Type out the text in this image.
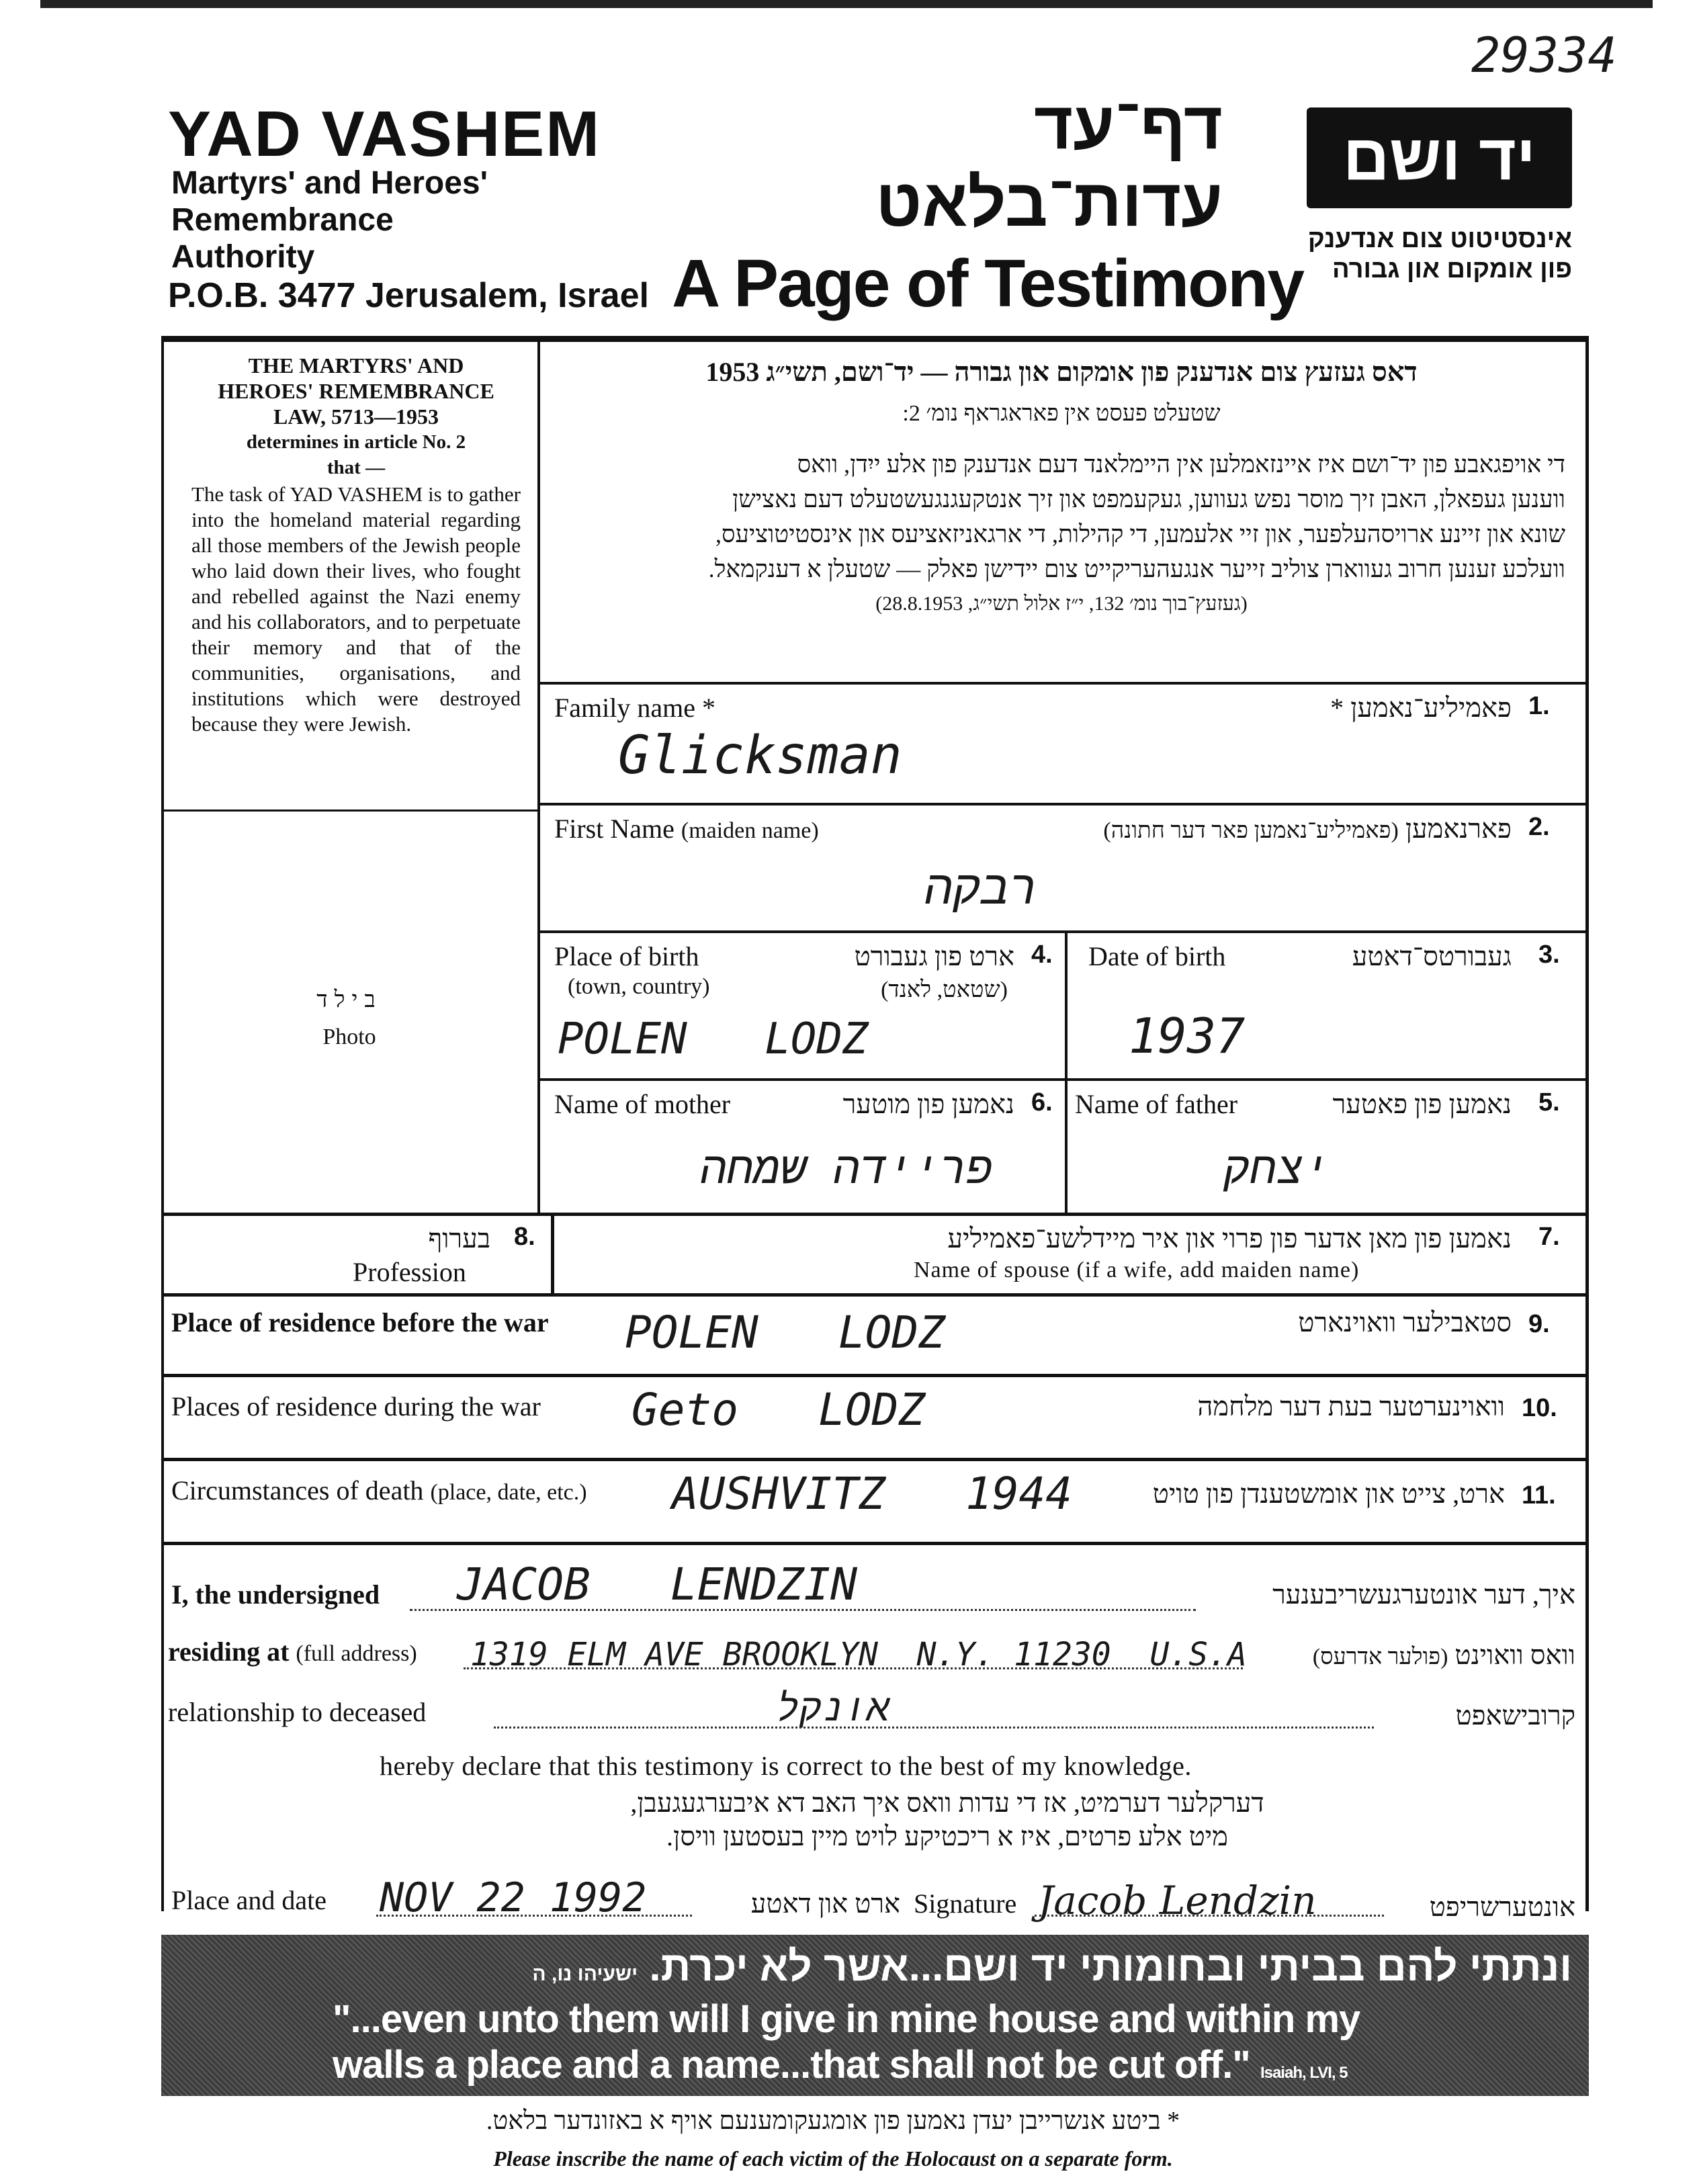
29334
YAD VASHEM
Martyrs' and Heroes'
Remembrance
Authority
P.O.B. 3477 Jerusalem, Israel
דף־עד
עדות־בלאט
A Page of Testimony
יד ושם
אינסטיטוט צום אנדענק
פון אומקום און גבורה
THE MARTYRS' AND
HEROES' REMEMBRANCE
LAW, 5713—1953
determines in article No. 2
that —
The task of YAD VASHEM is to gather into the homeland material regarding all those members of the Jewish people who laid down their lives, who fought and rebelled against the Nazi enemy and his collaborators, and to perpetuate their memory and that of the communities, organisations, and institutions which were destroyed because they were Jewish.
בילד
Photo
דאס געזעץ צום אנדענק פון אומקום און גבורה — יד־ושם, תשי״ג 1953
שטעלט פעסט אין פאראגראף נומ׳ 2:
די אויפגאבע פון יד־ושם איז איינזאמלען אין היימלאנד דעם אנדענק פון אלע ייִדן, וואס
ווענען געפאלן, האבן זיך מוסר נפש געווען, געקעמפט און זיך אנטקעגנגעשטעלט דעם נאצישן
שונא און זיינע ארויסהעלפער, און זיי אלעמען, די קהילות, די ארגאניזאציעס און אינסטיטוציעס,
וועלכע זענען חרוב געווארן צוליב זייער אנגעהעריקייט צום יידישן פאלק — שטעלן א דענקמאל.
(געזעץ־בוך נומ׳ 132, י״ז אלול תשי״ג, 28.8.1953)
Family name *	פאמיליע־נאמען * 1.
Glicksman
First Name (maiden name)	פארנאמען (פאמיליע־נאמען פאר דער חתונה)	2.
רבקה
Place of birth
(town, country)
ארט פון געבורט
(שטאט, לאנד)
4.
POLEN   LODZ
Date of birth	געבורטס־דאטע 3.
1937
Name of mother	נאמען פון מוטער 6.
פריידה שמחה
Name of father	נאמען פון פאטער 5.
יצחק
בערוף 8.
Profession
נאמען פון מאן אדער פון פרוי און איר מיידלשע־פאמיליע 7.
Name of spouse (if a wife, add maiden name)
Place of residence before the war	סטאבילער וואוינארט 9.
POLEN   LODZ
Places of residence during the war	וואוינערטער בעת דער מלחמה 10.
Geto   LODZ
Circumstances of death (place, date, etc.)	ארט, צייט און אומשטענדן פון טויט 11.
AUSHVITZ   1944
I, the undersigned JACOB   LENDZIN	איך, דער אונטערגעשריבענער
residing at (full address) 1319 ELM AVE BROOKLYN  N.Y. 11230  U.S.A	וואס וואוינט (פולער אדרעס)
relationship to deceased	אונקל	קרובישאפט
hereby declare that this testimony is correct to the best of my knowledge.
דערקלער דערמיט, אז די עדות וואס איך האב דא איבערגעגעבן,
מיט אלע פרטים, איז א ריכטיקע לויט מיין בעסטען וויסן.
Place and date NOV 22 1992	ארט און דאטע Signature Jacob Lendzin	אונטערשריפט
ונתתי להם בביתי ובחומותי יד ושם...אשר לא יכרת. ישעיהו נו, ה
"...even unto them will I give in mine house and within my
walls a place and a name...that shall not be cut off." Isaiah, LVI, 5
* ביטע אנשרייבן יעדן נאמען פון אומגעקומענעם אויף א באזונדער בלאט.
Please inscribe the name of each victim of the Holocaust on a separate form.
